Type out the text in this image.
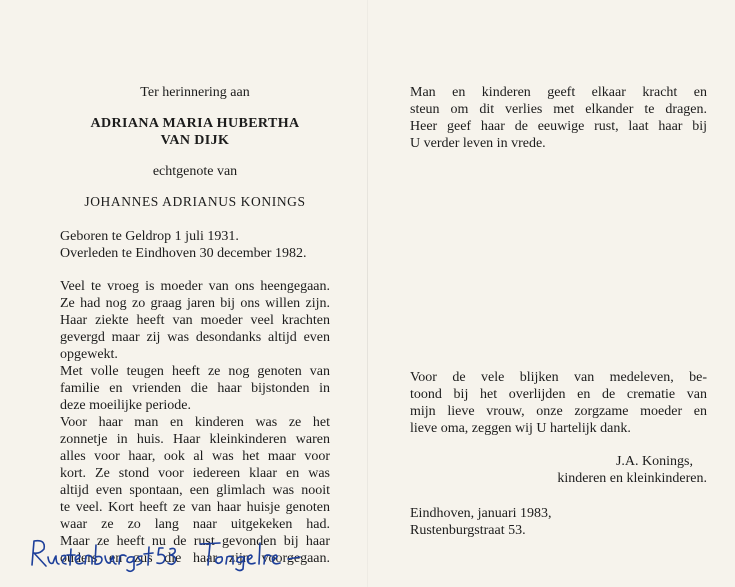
Ter herinnering aan
ADRIANA MARIA HUBERTHA
VAN DIJK
echtgenote van
JOHANNES ADRIANUS KONINGS
Geboren te Geldrop 1 juli 1931.
Overleden te Eindhoven 30 december 1982.
Veel te vroeg is moeder van ons heengegaan.
Ze had nog zo graag jaren bij ons willen zijn.
Haar ziekte heeft van moeder veel krachten
gevergd maar zij was desondanks altijd even
opgewekt.
Met volle teugen heeft ze nog genoten van
familie en vrienden die haar bijstonden in
deze moeilijke periode.
Voor haar man en kinderen was ze het
zonnetje in huis. Haar kleinkinderen waren
alles voor haar, ook al was het maar voor
kort. Ze stond voor iedereen klaar en was
altijd even spontaan, een glimlach was nooit
te veel. Kort heeft ze van haar huisje genoten
waar ze zo lang naar uitgekeken had.
Maar ze heeft nu de rust gevonden bij haar
ouders en zus die haar zijn voorgegaan.
Man en kinderen geeft elkaar kracht en
steun om dit verlies met elkander te dragen.
Heer geef haar de eeuwige rust, laat haar bij
U verder leven in vrede.
Voor de vele blijken van medeleven, be-
toond bij het overlijden en de crematie van
mijn lieve vrouw, onze zorgzame moeder en
lieve oma, zeggen wij U hartelijk dank.
J.A. Konings,
kinderen en kleinkinderen.
Eindhoven, januari 1983,
Rustenburgstraat 53.
